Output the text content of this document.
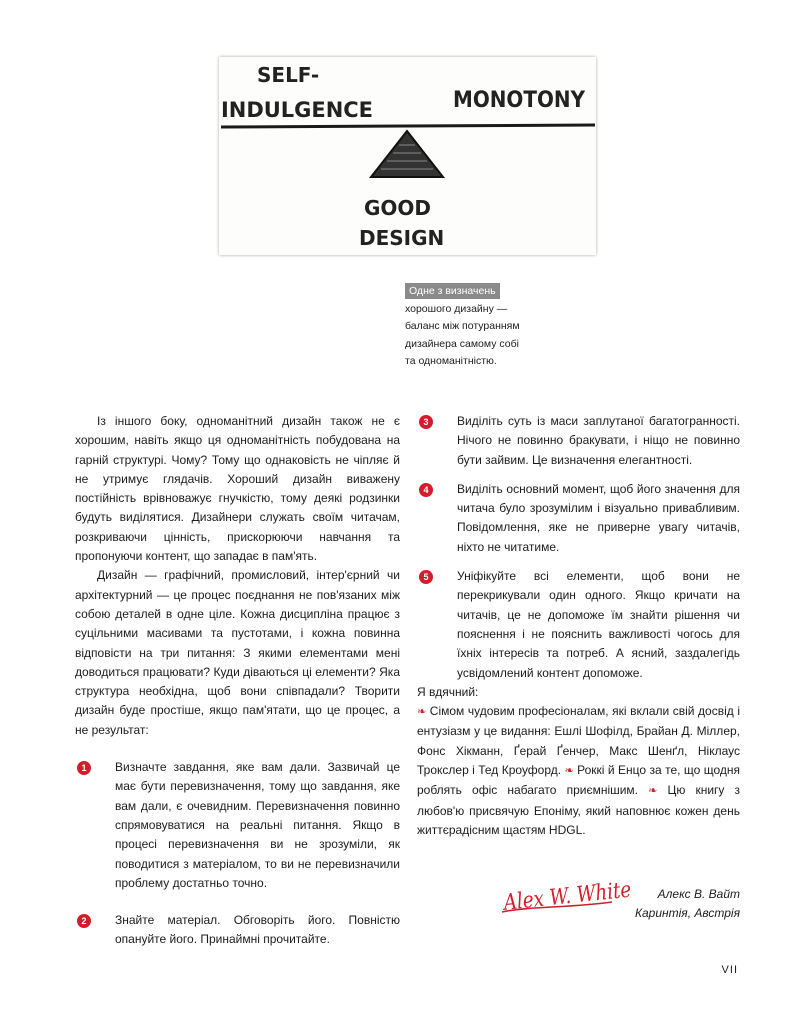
SELF-
INDULGENCE	MONOTONY
GOOD
DESIGN
Одне з визначень
хорошого дизайну —
баланс між потуранням
дизайнера самому собі
та одноманітністю.

Із іншого боку, одноманітний дизайн також не є хорошим, навіть якщо ця одноманітність побудована на гарній структурі. Чому? Тому що однаковість не чіпляє й не утримує глядачів. Хороший дизайн виважену постійність врівноважує гнучкістю, тому деякі родзинки будуть виділятися. Дизайнери служать своїм читачам, розкриваючи цінність, прискорюючи навчання та пропонуючи контент, що западає в пам'ять.

Дизайн — графічний, промисловий, інтер'єрний чи архітектурний — це процес поєднання не пов'язаних між собою деталей в одне ціле. Кожна дисципліна працює з суцільними масивами та пустотами, і кожна повинна відповісти на три питання: З якими елементами мені доводиться працювати? Куди діваються ці елементи? Яка структура необхідна, щоб вони співпадали? Творити дизайн буде простіше, якщо пам'ятати, що це процес, а не результат:

1	Визначте завдання, яке вам дали. Зазвичай це має бути перевизначення, тому що завдання, яке вам дали, є очевидним. Перевизначення повинно спрямовуватися на реальні питання. Якщо в процесі перевизначення ви не зрозуміли, як поводитися з матеріалом, то ви не перевизначили проблему достатньо точно.
2	Знайте матеріал. Обговоріть його. Повністю опануйте його. Принаймні прочитайте.
3	Виділіть суть із маси заплутаної багатогранності. Нічого не повинно бракувати, і ніщо не повинно бути зайвим. Це визначення елегантності.
4	Виділіть основний момент, щоб його значення для читача було зрозумілим і візуально привабливим. Повідомлення, яке не приверне увагу читачів, ніхто не читатиме.
5	Уніфікуйте всі елементи, щоб вони не перекрикували один одного. Якщо кричати на читачів, це не допоможе їм знайти рішення чи пояснення і не пояснить важливості чогось для їхніх інтересів та потреб. А ясний, заздалегідь усвідомлений контент допоможе.

Я вдячний:

❧ Сімом чудовим професіоналам, які вклали свій досвід і ентузіазм у це видання: Ешлі Шофілд, Брайан Д. Міллер, Фонс Хікманн, Ґерай Ґенчер, Макс Шенґл, Ніклаус Трокслер і Тед Кроуфорд. ❧ Роккі й Енцо за те, що щодня роблять офіс набагато приємнішим. ❧ Цю книгу з любов'ю присвячую Епоніму, який наповнює кожен день життєрадісним щастям HDGL.

Alex W. White Алекс В. Вайт
Каринтія, Австрія
VII
